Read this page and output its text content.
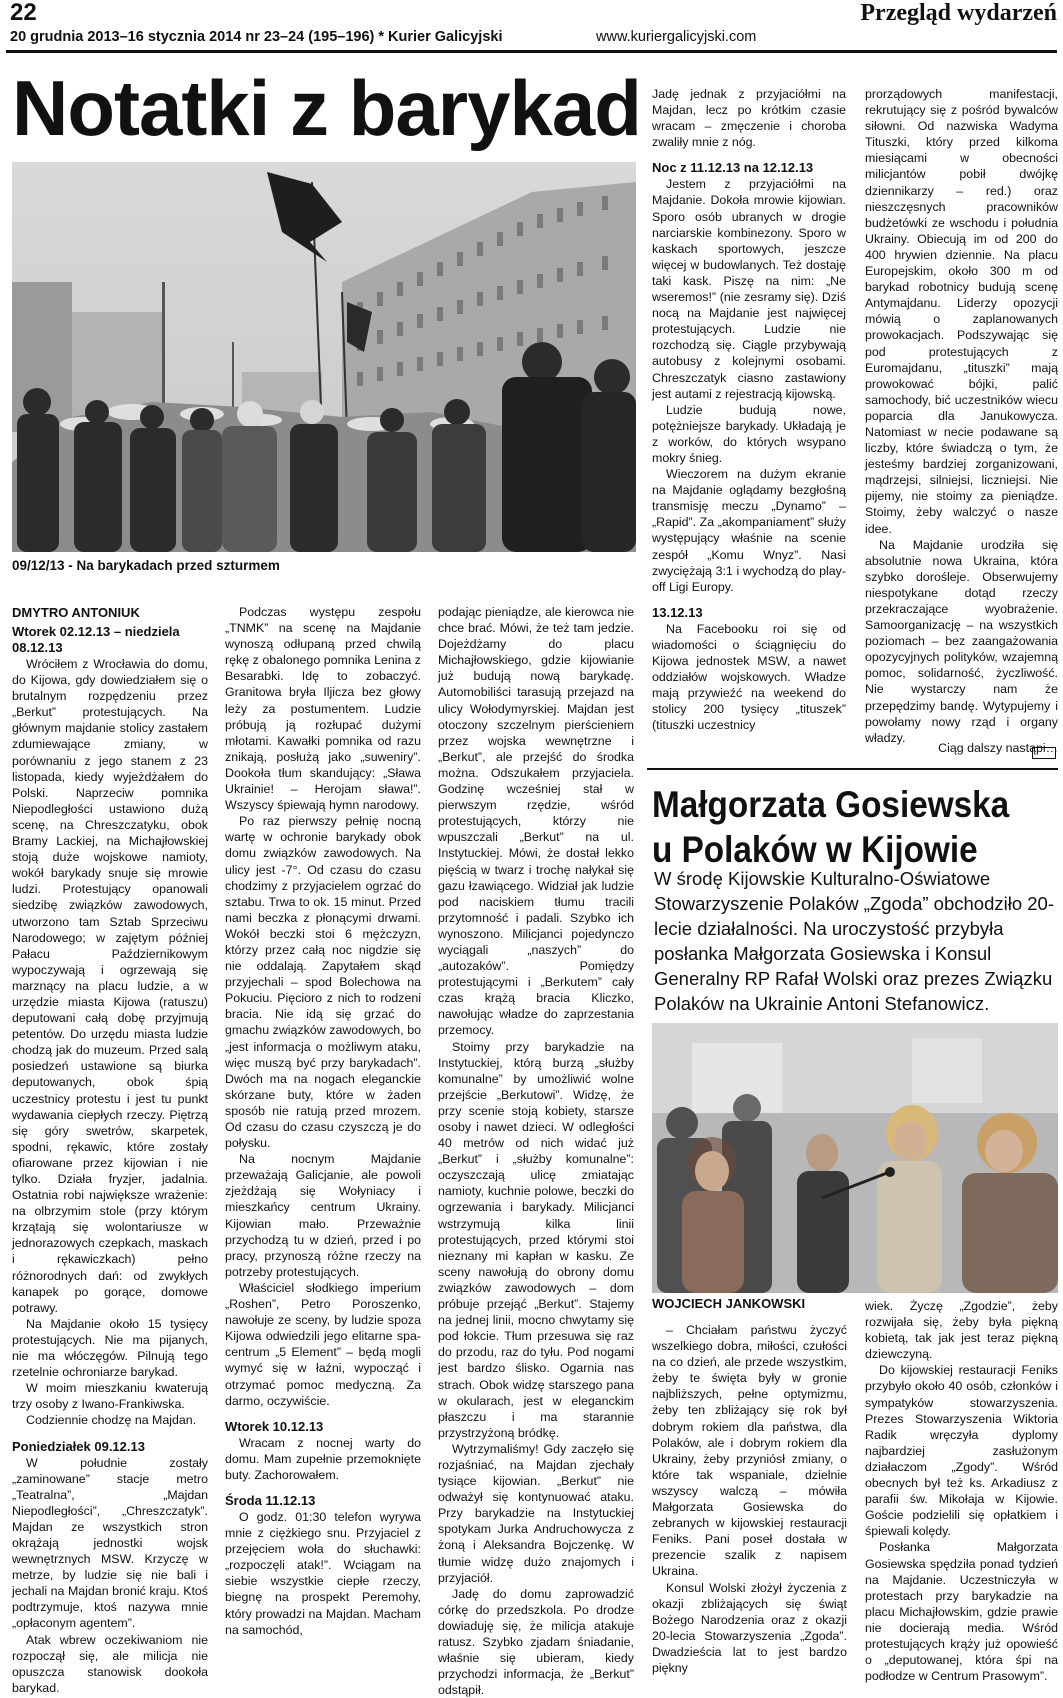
22
20 grudnia 2013–16 stycznia 2014 nr 23–24 (195–196) * Kurier Galicyjski	www.kuriergalicyjski.com
Przegląd wydarzeń
Notatki z barykad
09/12/13 - Na barykadach przed szturmem
DMYTRO ANTONIUK
Wtorek 02.12.13 – niedziela 08.12.13

Wróciłem z Wrocławia do domu, do Kijowa, gdy dowiedziałem się o brutalnym rozpędzeniu przez „Berkut” protestujących. Na głównym majdanie stolicy zastałem zdumiewające zmiany, w porównaniu z jego stanem z 23 listopada, kiedy wyjeżdżałem do Polski. Naprzeciw pomnika Niepodległości ustawiono dużą scenę, na Chreszczatyku, obok Bramy Lackiej, na Michajłowskiej stoją duże wojskowe namioty, wokół barykady snuje się mrowie ludzi. Protestujący opanowali siedzibę związków zawodowych, utworzono tam Sztab Sprzeciwu Narodowego; w zajętym później Pałacu Październikowym wypoczywają i ogrzewają się marznący na placu ludzie, a w urzędzie miasta Kijowa (ratuszu) deputowani całą dobę przyjmują petentów. Do urzędu miasta ludzie chodzą jak do muzeum. Przed salą posiedzeń ustawione są biurka deputowanych, obok śpią uczestnicy protestu i jest tu punkt wydawania ciepłych rzeczy. Piętrzą się góry swetrów, skarpetek, spodni, rękawic, które zostały ofiarowane przez kijowian i nie tylko. Działa fryzjer, jadalnia. Ostatnia robi największe wrażenie: na olbrzymim stole (przy którym krzątają się wolontariusze w jednorazowych czepkach, maskach i rękawiczkach) pełno różnorodnych dań: od zwykłych kanapek po gorące, domowe potrawy.

Na Majdanie około 15 tysięcy protestujących. Nie ma pijanych, nie ma włóczęgów. Pilnują tego rzetelnie ochroniarze barykad.

W moim mieszkaniu kwaterują trzy osoby z Iwano-Frankiwska.

Codziennie chodzę na Majdan.

Poniedziałek 09.12.13

W południe zostały „zaminowane” stacje metro „Teatralna”, „Majdan Niepodległości”, „Chreszczatyk”. Majdan ze wszystkich stron okrążają jednostki wojsk wewnętrznych MSW. Krzyczę w metrze, by ludzie się nie bali i jechali na Majdan bronić kraju. Ktoś podtrzymuje, ktoś nazywa mnie „opłaconym agentem”.

Atak wbrew oczekiwaniom nie rozpoczął się, ale milicja nie opuszcza stanowisk dookoła barykad.

Podczas występu zespołu „TNMK” na scenę na Majdanie wynoszą odłupaną przed chwilą rękę z obalonego pomnika Lenina z Besarabki. Idę to zobaczyć. Granitowa bryła Iljicza bez głowy leży za postumentem. Ludzie próbują ją rozłupać dużymi młotami. Kawałki pomnika od razu znikają, posłużą jako „suweniry”. Dookoła tłum skandujący: „Sława Ukrainie! – Herojam sława!”. Wszyscy śpiewają hymn narodowy.

Po raz pierwszy pełnię nocną wartę w ochronie barykady obok domu związków zawodowych. Na ulicy jest -7°. Od czasu do czasu chodzimy z przyjacielem ogrzać do sztabu. Trwa to ok. 15 minut. Przed nami beczka z płonącymi drwami. Wokół beczki stoi 6 mężczyzn, którzy przez całą noc nigdzie się nie oddalają. Zapytałem skąd przyjechali – spod Bolechowa na Pokuciu. Pięcioro z nich to rodzeni bracia. Nie idą się grzać do gmachu związków zawodowych, bo „jest informacja o możliwym ataku, więc muszą być przy barykadach”. Dwóch ma na nogach eleganckie skórzane buty, które w żaden sposób nie ratują przed mrozem. Od czasu do czasu czyszczą je do połysku.

Na nocnym Majdanie przeważają Galicjanie, ale powoli zjeżdżają się Wołyniacy i mieszkańcy centrum Ukrainy. Kijowian mało. Przeważnie przychodzą tu w dzień, przed i po pracy, przynoszą różne rzeczy na potrzeby protestujących.

Właściciel słodkiego imperium „Roshen”, Petro Poroszenko, nawołuje ze sceny, by ludzie spoza Kijowa odwiedzili jego elitarne spa-centrum „5 Element” – będą mogli wymyć się w łaźni, wypocząć i otrzymać pomoc medyczną. Za darmo, oczywiście.

Wtorek 10.12.13

Wracam z nocnej warty do domu. Mam zupełnie przemoknięte buty. Zachorowałem.

Środa 11.12.13

O godz. 01:30 telefon wyrywa mnie z ciężkiego snu. Przyjaciel z przejęciem woła do słuchawki: „rozpoczęli atak!”. Wciągam na siebie wszystkie ciepłe rzeczy, biegnę na prospekt Peremohy, który prowadzi na Majdan. Macham na samochód,

podając pieniądze, ale kierowca nie chce brać. Mówi, że też tam jedzie. Dojeżdżamy do placu Michajłowskiego, gdzie kijowianie już budują nową barykadę. Automobiliści tarasują przejazd na ulicy Wołodymyrskiej. Majdan jest otoczony szczelnym pierścieniem przez wojska wewnętrzne i „Berkut”, ale przejść do środka można. Odszukałem przyjaciela. Godzinę wcześniej stał w pierwszym rzędzie, wśród protestujących, którzy nie wpuszczali „Berkut” na ul. Instytuckiej. Mówi, że dostał lekko pięścią w twarz i trochę nałykał się gazu łzawiącego. Widział jak ludzie pod naciskiem tłumu tracili przytomność i padali. Szybko ich wynoszono. Milicjanci pojedynczo wyciągali „naszych” do „autozaków”. Pomiędzy protestującymi i „Berkutem” cały czas krążą bracia Kliczko, nawołując władze do zaprzestania przemocy.

Stoimy przy barykadzie na Instytuckiej, którą burzą „służby komunalne” by umożliwić wolne przejście „Berkutowi”. Widzę, że przy scenie stoją kobiety, starsze osoby i nawet dzieci. W odległości 40 metrów od nich widać już „Berkut” i „służby komunalne”: oczyszczają ulicę zmiatając namioty, kuchnie polowe, beczki do ogrzewania i barykady. Milicjanci wstrzymują kilka linii protestujących, przed którymi stoi nieznany mi kapłan w kasku. Ze sceny nawołują do obrony domu związków zawodowych – dom próbuje przejąć „Berkut”. Stajemy na jednej linii, mocno chwytamy się pod łokcie. Tłum przesuwa się raz do przodu, raz do tyłu. Pod nogami jest bardzo ślisko. Ogarnia nas strach. Obok widzę starszego pana w okularach, jest w eleganckim płaszczu i ma starannie przystrzyżoną bródkę.

Wytrzymaliśmy! Gdy zaczęło się rozjaśniać, na Majdan zjechały tysiące kijowian. „Berkut” nie odważył się kontynuować ataku. Przy barykadzie na Instytuckiej spotykam Jurka Andruchowycza z żoną i Aleksandra Bojczenkę. W tłumie widzę dużo znajomych i przyjaciół.

Jadę do domu zaprowadzić córkę do przedszkola. Po drodze dowiaduję się, że milicja atakuje ratusz. Szybko zjadam śniadanie, właśnie się ubieram, kiedy przychodzi informacja, że „Berkut” odstąpił.

Jadę jednak z przyjaciółmi na Majdan, lecz po krótkim czasie wracam – zmęczenie i choroba zwaliły mnie z nóg.

Noc z 11.12.13 na 12.12.13

Jestem z przyjaciółmi na Majdanie. Dokoła mrowie kijowian. Sporo osób ubranych w drogie narciarskie kombinezony. Sporo w kaskach sportowych, jeszcze więcej w budowlanych. Też dostaję taki kask. Piszę na nim: „Ne wseremos!” (nie zesramy się). Dziś nocą na Majdanie jest najwięcej protestujących. Ludzie nie rozchodzą się. Ciągle przybywają autobusy z kolejnymi osobami. Chreszczatyk ciasno zastawiony jest autami z rejestracją kijowską.

Ludzie budują nowe, potężniejsze barykady. Układają je z worków, do których wsypano mokry śnieg.

Wieczorem na dużym ekranie na Majdanie oglądamy bezgłośną transmisję meczu „Dynamo” – „Rapid”. Za „akompaniament” służy występujący właśnie na scenie zespół „Komu Wnyz”. Nasi zwyciężają 3:1 i wychodzą do play-off Ligi Europy.

13.12.13

Na Facebooku roi się od wiadomości o ściągnięciu do Kijowa jednostek MSW, a nawet oddziałów wojskowych. Władze mają przywieźć na weekend do stolicy 200 tysięcy „tituszek” (tituszki uczestnicy

prorządowych manifestacji, rekrutujący się z pośród bywalców siłowni. Od nazwiska Wadyma Tituszki, który przed kilkoma miesiącami w obecności milicjantów pobił dwójkę dziennikarzy – red.) oraz nieszczęsnych pracowników budżetówki ze wschodu i południa Ukrainy. Obiecują im od 200 do 400 hrywien dziennie. Na placu Europejskim, około 300 m od barykad robotnicy budują scenę Antymajdanu. Liderzy opozycji mówią o zaplanowanych prowokacjach. Podszywając się pod protestujących z Euromajdanu, „tituszki” mają prowokować bójki, palić samochody, bić uczestników wiecu poparcia dla Janukowycza. Natomiast w necie podawane są liczby, które świadczą o tym, że jesteśmy bardziej zorganizowani, mądrzejsi, silniejsi, liczniejsi. Nie pijemy, nie stoimy za pieniądze. Stoimy, żeby walczyć o nasze idee.

Na Majdanie urodziła się absolutnie nowa Ukraina, która szybko dorośleje. Obserwujemy niespotykane dotąd rzeczy przekraczające wyobrażenie. Samoorganizację – na wszystkich poziomach – bez zaangażowania opozycyjnych polityków, wzajemną pomoc, solidarność, życzliwość. Nie wystarczy nam że przepędzimy bandę. Wytypujemy i powołamy nowy rząd i organy władzy.

Ciąg dalszy nastąpi…
Małgorzata Gosiewska
u Polaków w Kijowie
W środę Kijowskie Kulturalno-Oświatowe Stowarzyszenie Polaków „Zgoda” obchodziło 20-lecie działalności. Na uroczystość przybyła posłanka Małgorzata Gosiewska i Konsul Generalny RP Rafał Wolski oraz prezes Związku Polaków na Ukrainie Antoni Stefanowicz.
WOJCIECH JANKOWSKI

– Chciałam państwu życzyć wszelkiego dobra, miłości, czułości na co dzień, ale przede wszystkim, żeby te święta były w gronie najbliższych, pełne optymizmu, żeby ten zbliżający się rok był dobrym rokiem dla państwa, dla Polaków, ale i dobrym rokiem dla Ukrainy, żeby przyniósł zmiany, o które tak wspaniale, dzielnie wszyscy walczą – mówiła Małgorzata Gosiewska do zebranych w kijowskiej restauracji Feniks. Pani poseł dostała w prezencie szalik z napisem Ukraina.

Konsul Wolski złożył życzenia z okazji zbliżających się świąt Bożego Narodzenia oraz z okazji 20-lecia Stowarzyszenia „Zgoda”. Dwadzieścia lat to jest bardzo piękny

wiek. Życzę „Zgodzie”, żeby rozwijała się, żeby była piękną kobietą, tak jak jest teraz piękną dziewczyną.

Do kijowskiej restauracji Feniks przybyło około 40 osób, członków i sympatyków stowarzyszenia. Prezes Stowarzyszenia Wiktoria Radik wręczyła dyplomy najbardziej zasłużonym działaczom „Zgody”. Wśród obecnych był też ks. Arkadiusz z parafii św. Mikołaja w Kijowie. Goście podzielili się opłatkiem i śpiewali kolędy.

Posłanka Małgorzata Gosiewska spędziła ponad tydzień na Majdanie. Uczestniczyła w protestach przy barykadzie na placu Michajłowskim, gdzie prawie nie docierają media. Wśród protestujących krąży już opowieść o „deputowanej, która śpi na podłodze w Centrum Prasowym”.
